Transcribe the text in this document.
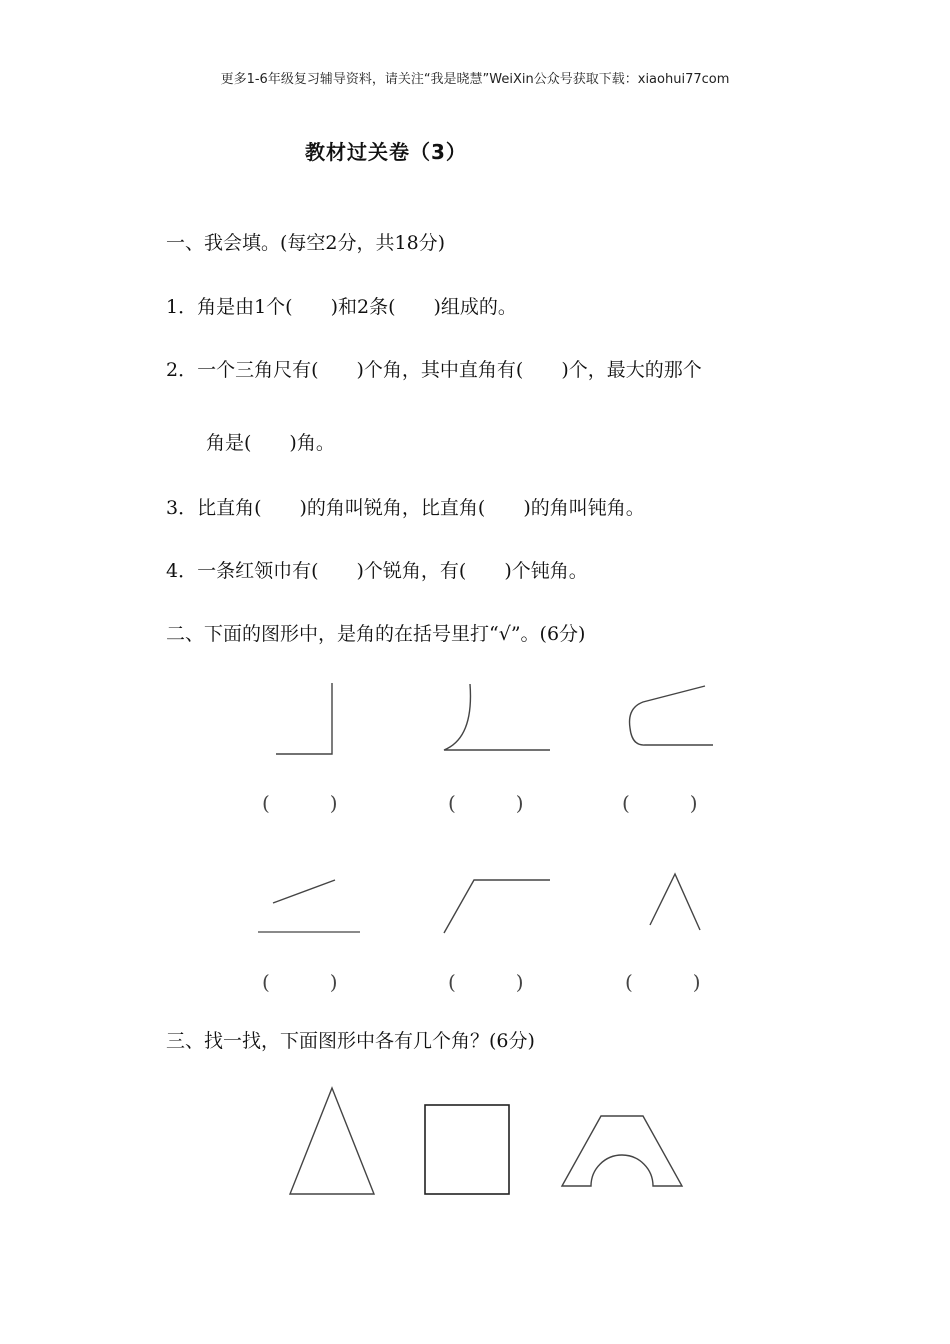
更多1-6年级复习辅导资料，请关注“我是晓慧”WeiXin公众号获取下载：xiaohui77com
教材过关卷（3）
一、我会填。(每空2分，共18分)
1．角是由1个(　　)和2条(　　)组成的。
2．一个三角尺有(　　)个角，其中直角有(　　)个，最大的那个
角是(　　)角。
3．比直角(　　)的角叫锐角，比直角(　　)的角叫钝角。
4．一条红领巾有(　　)个锐角，有(　　)个钝角。
二、下面的图形中，是角的在括号里打“√”。(6分)
(　　　)	(　　　)	(　　　)
(　　　)	(　　　)	(　　　)
三、找一找，下面图形中各有几个角？(6分)
